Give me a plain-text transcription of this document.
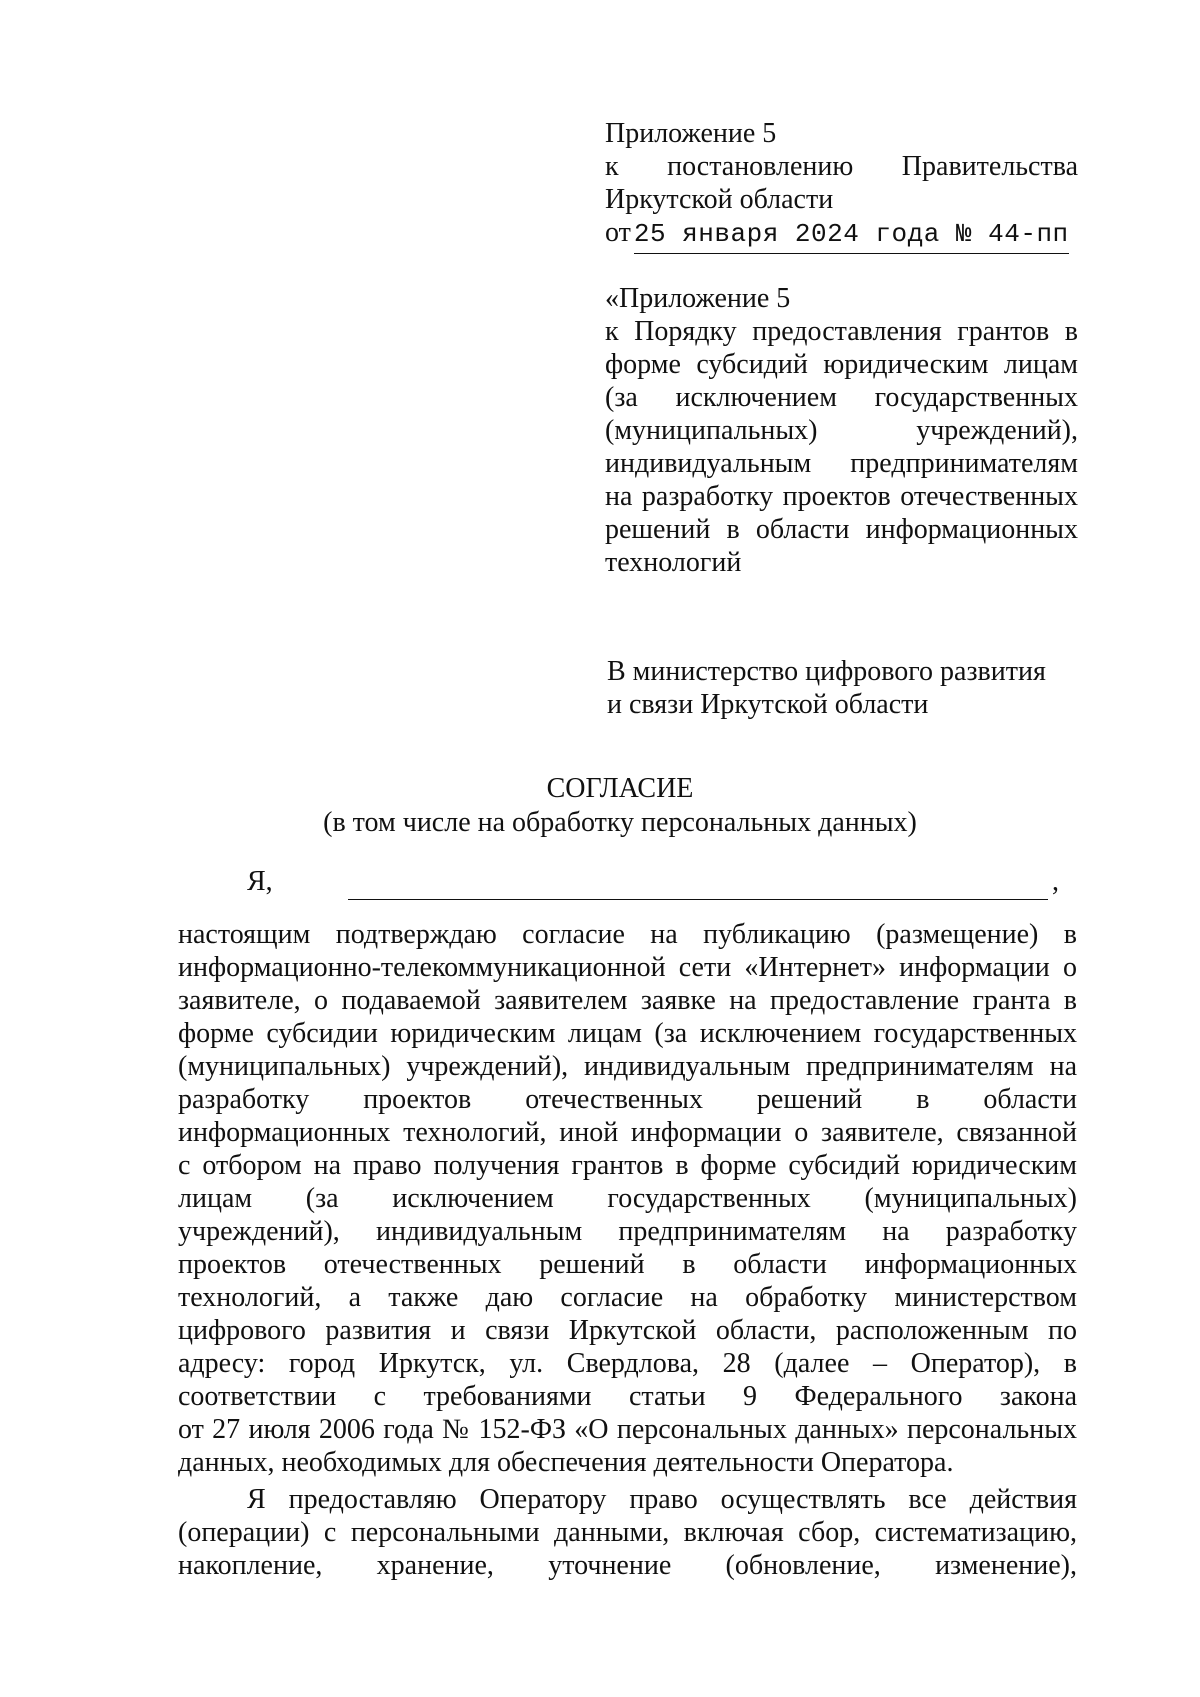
Приложение 5
к постановлению Правительства
Иркутской области
от 25 января 2024 года № 44-пп
«Приложение 5
к Порядку предоставления грантов в
форме субсидий юридическим лицам
(за исключением государственных
(муниципальных) учреждений),
индивидуальным предпринимателям
на разработку проектов отечественных
решений в области информационных
технологий
В министерство цифрового развития
и связи Иркутской области
СОГЛАСИЕ
(в том числе на обработку персональных данных)
Я,	,
настоящим подтверждаю согласие на публикацию (размещение) в
информационно-телекоммуникационной сети «Интернет» информации о
заявителе, о подаваемой заявителем заявке на предоставление гранта в
форме субсидии юридическим лицам (за исключением государственных
(муниципальных) учреждений), индивидуальным предпринимателям на
разработку проектов отечественных решений в области
информационных технологий, иной информации о заявителе, связанной
с отбором на право получения грантов в форме субсидий юридическим
лицам (за исключением государственных (муниципальных)
учреждений), индивидуальным предпринимателям на разработку
проектов отечественных решений в области информационных
технологий, а также даю согласие на обработку министерством
цифрового развития и связи Иркутской области, расположенным по
адресу: город Иркутск, ул. Свердлова, 28 (далее – Оператор), в
соответствии с требованиями статьи 9 Федерального закона
от 27 июля 2006 года № 152-ФЗ «О персональных данных» персональных
данных, необходимых для обеспечения деятельности Оператора.
Я предоставляю Оператору право осуществлять все действия
(операции) с персональными данными, включая сбор, систематизацию,
накопление, хранение, уточнение (обновление, изменение),
